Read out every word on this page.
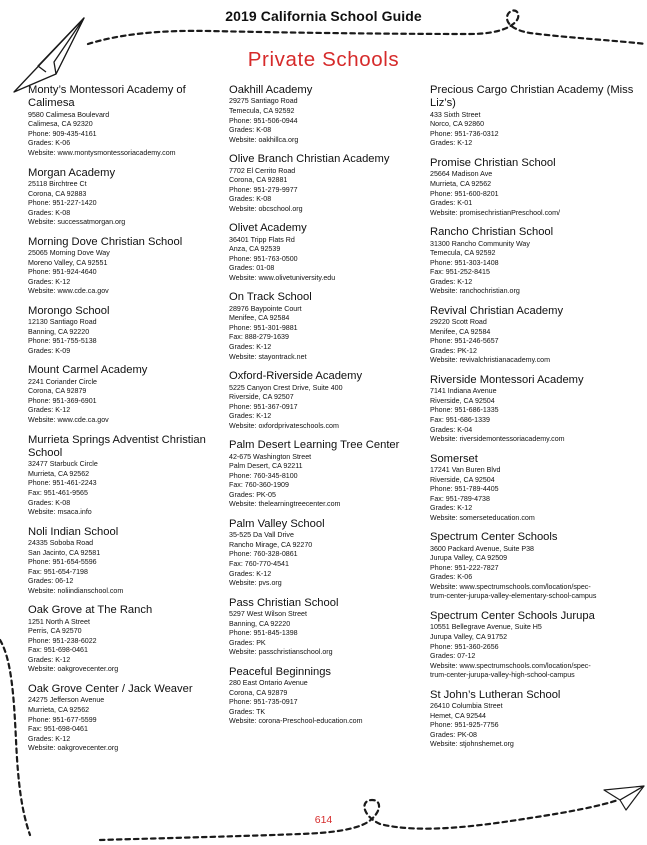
2019 California School Guide
Private Schools
Monty’s Montessori Academy of Calimesa
9580 Calimesa Boulevard
Calimesa, CA 92320
Phone: 909-435-4161
Grades: K-06
Website: www.montysmontessoriacademy.com
Morgan Academy
25118 Birchtree Ct
Corona, CA 92883
Phone: 951-227-1420
Grades: K-08
Website: successatmorgan.org
Morning Dove Christian School
25065 Morning Dove Way
Moreno Valley, CA 92551
Phone: 951-924-4640
Grades: K-12
Website: www.cde.ca.gov
Morongo School
12130 Santiago Road
Banning, CA 92220
Phone: 951-755-5138
Grades: K-09
Mount Carmel Academy
2241 Coriander Circle
Corona, CA 92879
Phone: 951-369-6901
Grades: K-12
Website: www.cde.ca.gov
Murrieta Springs Adventist Christian School
32477 Starbuck Circle
Murrieta, CA 92562
Phone: 951-461-2243
Fax: 951-461-9565
Grades: K-08
Website: msaca.info
Noli Indian School
24335 Soboba Road
San Jacinto, CA 92581
Phone: 951-654-5596
Fax: 951-654-7198
Grades: 06-12
Website: noliindianschool.com
Oak Grove at The Ranch
1251 North A Street
Perris, CA 92570
Phone: 951-238-6022
Fax: 951-698-0461
Grades: K-12
Website: oakgrovecenter.org
Oak Grove Center / Jack Weaver
24275 Jefferson Avenue
Murrieta, CA 92562
Phone: 951-677-5599
Fax: 951-698-0461
Grades: K-12
Website: oakgrovecenter.org
Oakhill Academy
29275 Santiago Road
Temecula, CA 92592
Phone: 951-506-0944
Grades: K-08
Website: oakhillca.org
Olive Branch Christian Academy
7702 El Cerrito Road
Corona, CA 92881
Phone: 951-279-9977
Grades: K-08
Website: obcschool.org
Olivet Academy
36401 Tripp Flats Rd
Anza, CA 92539
Phone: 951-763-0500
Grades: 01-08
Website: www.olivetuniversity.edu
On Track School
28976 Baypointe Court
Menifee, CA 92584
Phone: 951-301-9881
Fax: 888-279-1639
Grades: K-12
Website: stayontrack.net
Oxford-Riverside Academy
5225 Canyon Crest Drive, Suite 400
Riverside, CA 92507
Phone: 951-367-0917
Grades: K-12
Website: oxfordprivateschools.com
Palm Desert Learning Tree Center
42-675 Washington Street
Palm Desert, CA 92211
Phone: 760-345-8100
Fax: 760-360-1909
Grades: PK-05
Website: thelearningtreecenter.com
Palm Valley School
35-525 Da Vall Drive
Rancho Mirage, CA 92270
Phone: 760-328-0861
Fax: 760-770-4541
Grades: K-12
Website: pvs.org
Pass Christian School
5297 West Wilson Street
Banning, CA 92220
Phone: 951-845-1398
Grades: PK
Website: passchristianschool.org
Peaceful Beginnings
280 East Ontario Avenue
Corona, CA 92879
Phone: 951-735-0917
Grades: TK
Website: corona-Preschool-education.com
Precious Cargo Christian Academy (Miss Liz’s)
433 Sixth Street
Norco, CA 92860
Phone: 951-736-0312
Grades: K-12
Promise Christian School
25664 Madison Ave
Murrieta, CA 92562
Phone: 951-600-8201
Grades: K-01
Website: promisechristianPreschool.com/
Rancho Christian School
31300 Rancho Community Way
Temecula, CA 92592
Phone: 951-303-1408
Fax: 951-252-8415
Grades: K-12
Website: ranchochristian.org
Revival Christian Academy
29220 Scott Road
Menifee, CA 92584
Phone: 951-246-5657
Grades: PK-12
Website: revivalchristianacademy.com
Riverside Montessori Academy
7141 Indiana Avenue
Riverside, CA 92504
Phone: 951-686-1335
Fax: 951-686-1339
Grades: K-04
Website: riversidemontessoriacademy.com
Somerset
17241 Van Buren Blvd
Riverside, CA 92504
Phone: 951-789-4405
Fax: 951-789-4738
Grades: K-12
Website: somerseteducation.com
Spectrum Center Schools
3600 Packard Avenue, Suite P38
Jurupa Valley, CA 92509
Phone: 951-222-7827
Grades: K-06
Website: www.spectrumschools.com/location/spec-
trum-center-jurupa-valley-elementary-school-campus
Spectrum Center Schools Jurupa
10551 Bellegrave Avenue, Suite H5
Jurupa Valley, CA 91752
Phone: 951-360-2656
Grades: 07-12
Website: www.spectrumschools.com/location/spec-
trum-center-jurupa-valley-high-school-campus
St John’s Lutheran School
26410 Columbia Street
Hemet, CA 92544
Phone: 951-925-7756
Grades: PK-08
Website: stjohnshemet.org
614
